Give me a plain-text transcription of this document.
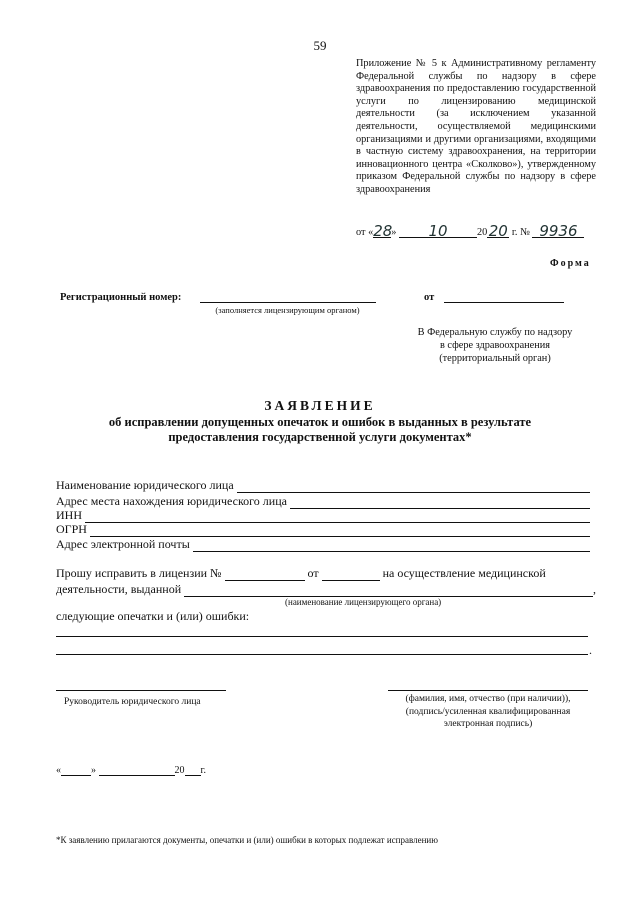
59

Приложение № 5 к Административному регламенту Федеральной службы по надзору в сфере здравоохранения по предоставлению государственной услуги по лицензированию медицинской деятельности (за исключением указанной деятельности, осуществляемой медицинскими организациями и другими организациями, входящими в частную систему здравоохранения, на территории инновационного центра «Сколково»), утвержденному приказом Федеральной службы по надзору в сфере здравоохранения

от «28» 10	2020 г. № 9936
Форма
Регистрационный номер:
(заполняется лицензирующим органом)
от
В Федеральную службу по надзору
в сфере здравоохранения
(территориальный орган)
ЗАЯВЛЕНИЕ
об исправлении допущенных опечаток и ошибок в выданных в результате предоставления государственной услуги документах*
Наименование юридического лица
Адрес места нахождения юридического лица
ИНН
ОГРН
Адрес электронной почты
Прошу исправить в лицензии №	от	на осуществление медицинской
деятельности, выданной	,
(наименование лицензирующего органа)
следующие опечатки и (или) ошибки:
.
Руководитель юридического лица	(фамилия, имя, отчество (при наличии)),
(подпись/усиленная квалифицированная
электронная подпись)
«	»	20 г.
*К заявлению прилагаются документы, опечатки и (или) ошибки в которых подлежат исправлению
